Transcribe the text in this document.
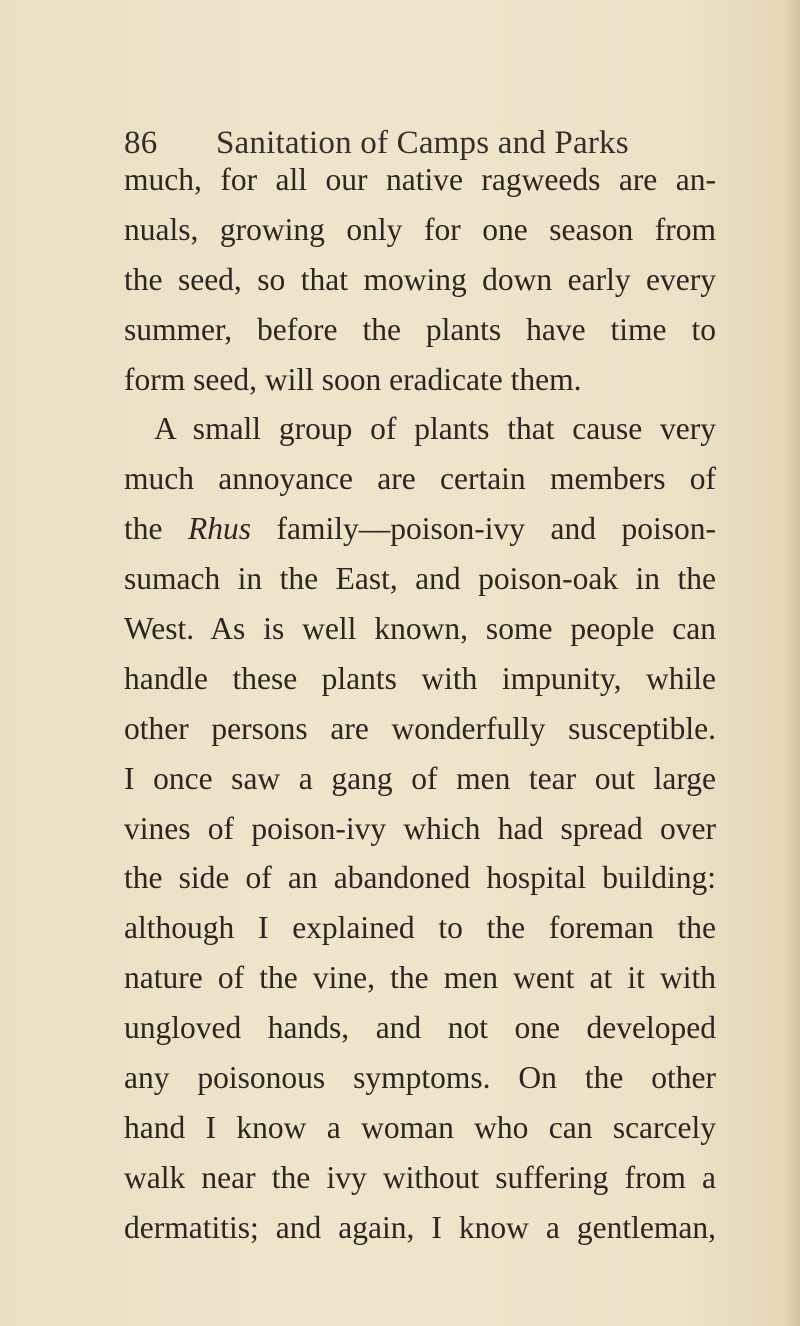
86 Sanitation of Camps and Parks
much, for all our native ragweeds are an-
nuals, growing only for one season from
the seed, so that mowing down early every
summer, before the plants have time to
form seed, will soon eradicate them.
A small group of plants that cause very
much annoyance are certain members of
the Rhus family—poison-ivy and poison-
sumach in the East, and poison-oak in the
West. As is well known, some people can
handle these plants with impunity, while
other persons are wonderfully susceptible.
I once saw a gang of men tear out large
vines of poison-ivy which had spread over
the side of an abandoned hospital building:
although I explained to the foreman the
nature of the vine, the men went at it with
ungloved hands, and not one developed
any poisonous symptoms. On the other
hand I know a woman who can scarcely
walk near the ivy without suffering from a
dermatitis; and again, I know a gentleman,
